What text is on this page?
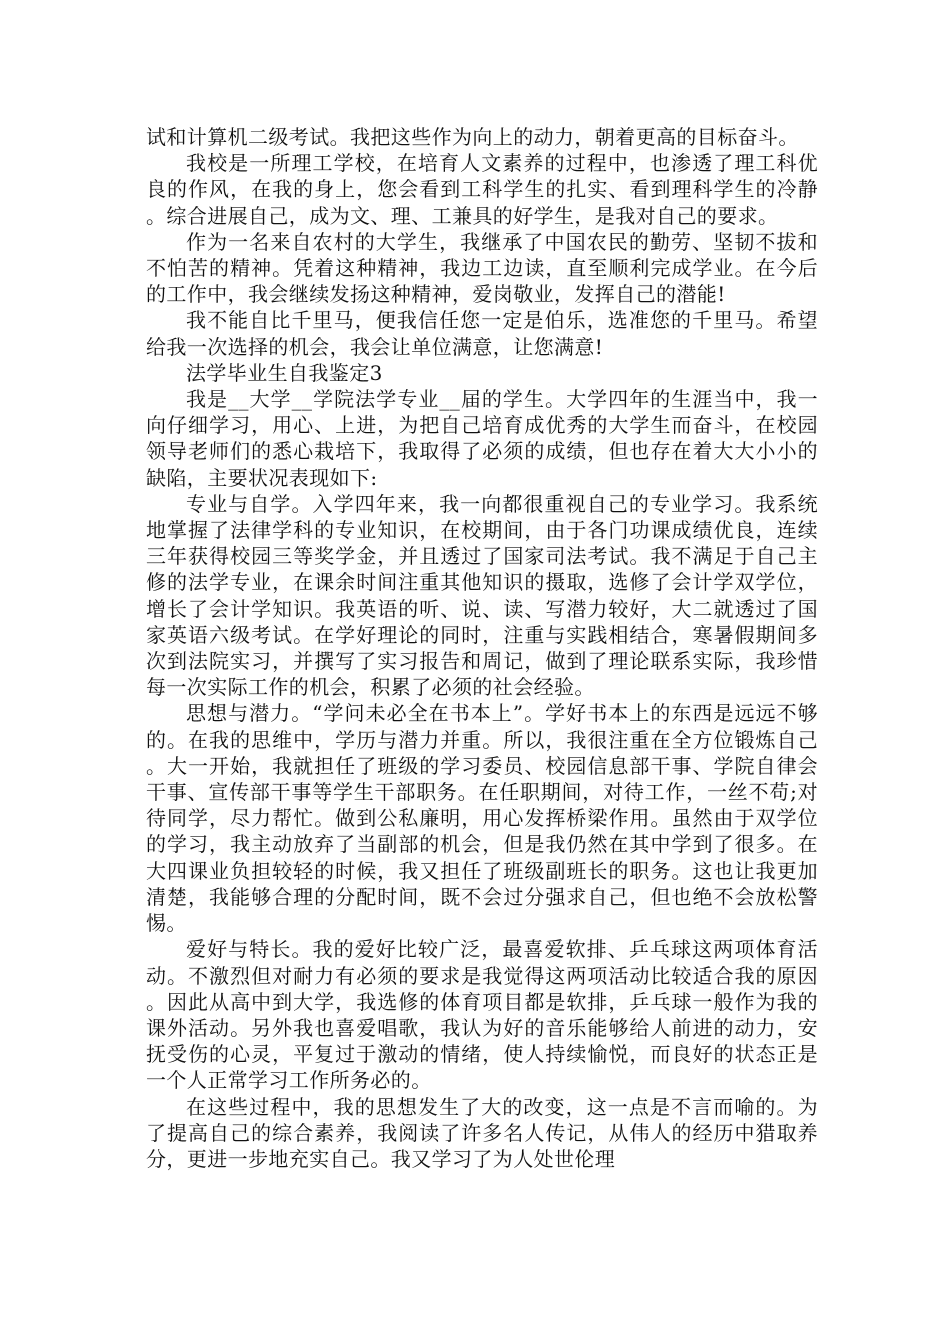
试和计算机二级考试。我把这些作为向上的动力，朝着更高的目标奋斗。

我校是一所理工学校，在培育人文素养的过程中，也渗透了理工科优良的作风，在我的身上，您会看到工科学生的扎实、看到理科学生的冷静。综合进展自己，成为文、理、工兼具的好学生，是我对自己的要求。

作为一名来自农村的大学生，我继承了中国农民的勤劳、坚韧不拔和不怕苦的精神。凭着这种精神，我边工边读，直至顺利完成学业。在今后的工作中，我会继续发扬这种精神，爱岗敬业，发挥自己的潜能!

我不能自比千里马，便我信任您一定是伯乐，选准您的千里马。希望给我一次选择的机会，我会让单位满意，让您满意!

法学毕业生自我鉴定3

我是__大学__学院法学专业__届的学生。大学四年的生涯当中，我一向仔细学习，用心、上进，为把自己培育成优秀的大学生而奋斗，在校园领导老师们的悉心栽培下，我取得了必须的成绩，但也存在着大大小小的缺陷，主要状况表现如下:

专业与自学。入学四年来，我一向都很重视自己的专业学习。我系统地掌握了法律学科的专业知识，在校期间，由于各门功课成绩优良，连续三年获得校园三等奖学金，并且透过了国家司法考试。我不满足于自己主修的法学专业，在课余时间注重其他知识的摄取，选修了会计学双学位，增长了会计学知识。我英语的听、说、读、写潜力较好，大二就透过了国家英语六级考试。在学好理论的同时，注重与实践相结合，寒暑假期间多次到法院实习，并撰写了实习报告和周记，做到了理论联系实际，我珍惜每一次实际工作的机会，积累了必须的社会经验。

思想与潜力。“学问未必全在书本上”。学好书本上的东西是远远不够的。在我的思维中，学历与潜力并重。所以，我很注重在全方位锻炼自己。大一开始，我就担任了班级的学习委员、校园信息部干事、学院自律会干事、宣传部干事等学生干部职务。在任职期间，对待工作，一丝不苟;对待同学，尽力帮忙。做到公私廉明，用心发挥桥梁作用。虽然由于双学位的学习，我主动放弃了当副部的机会，但是我仍然在其中学到了很多。在大四课业负担较轻的时候，我又担任了班级副班长的职务。这也让我更加清楚，我能够合理的分配时间，既不会过分强求自己，但也绝不会放松警惕。

爱好与特长。我的爱好比较广泛，最喜爱软排、乒乓球这两项体育活动。不激烈但对耐力有必须的要求是我觉得这两项活动比较适合我的原因。因此从高中到大学，我选修的体育项目都是软排，乒乓球一般作为我的课外活动。另外我也喜爱唱歌，我认为好的音乐能够给人前进的动力，安抚受伤的心灵，平复过于激动的情绪，使人持续愉悦，而良好的状态正是一个人正常学习工作所务必的。

在这些过程中，我的思想发生了大的改变，这一点是不言而喻的。为了提高自己的综合素养，我阅读了许多名人传记，从伟人的经历中猎取养分，更进一步地充实自己。我又学习了为人处世伦理
